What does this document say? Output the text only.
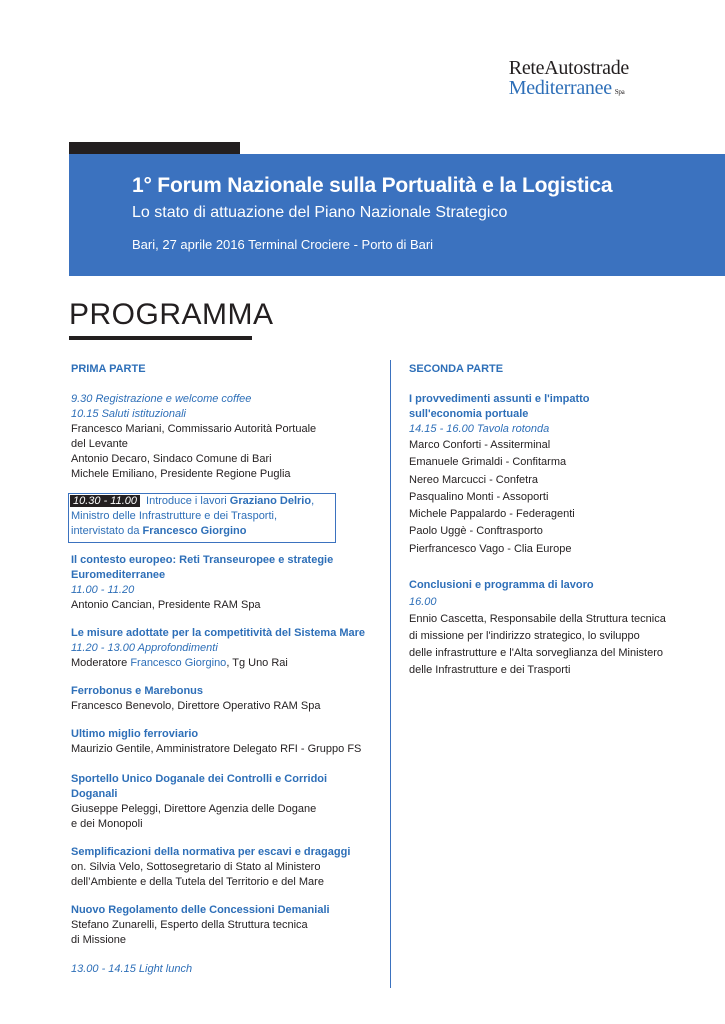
ReteAutostrade
Mediterranee Spa
1° Forum Nazionale sulla Portualità e la Logistica
Lo stato di attuazione del Piano Nazionale Strategico
Bari, 27 aprile 2016 Terminal Crociere - Porto di Bari
PROGRAMMA
PRIMA PARTE

9.30 Registrazione e welcome coffee

10.15 Saluti istituzionali

Francesco Mariani, Commissario Autorità Portuale

del Levante

Antonio Decaro, Sindaco Comune di Bari

Michele Emiliano, Presidente Regione Puglia

10.30 - 11.00 Introduce i lavori Graziano Delrio,

Ministro delle Infrastrutture e dei Trasporti,

intervistato da Francesco Giorgino

Il contesto europeo: Reti Transeuropee e strategie

Euromediterranee

11.00 - 11.20

Antonio Cancian, Presidente RAM Spa

Le misure adottate per la competitività del Sistema Mare

11.20 - 13.00 Approfondimenti

Moderatore Francesco Giorgino, Tg Uno Rai

Ferrobonus e Marebonus

Francesco Benevolo, Direttore Operativo RAM Spa

Ultimo miglio ferroviario

Maurizio Gentile, Amministratore Delegato RFI - Gruppo FS

Sportello Unico Doganale dei Controlli e Corridoi

Doganali

Giuseppe Peleggi, Direttore Agenzia delle Dogane

e dei Monopoli

Semplificazioni della normativa per escavi e dragaggi

on. Silvia Velo, Sottosegretario di Stato al Ministero

dell’Ambiente e della Tutela del Territorio e del Mare

Nuovo Regolamento delle Concessioni Demaniali

Stefano Zunarelli, Esperto della Struttura tecnica

di Missione

13.00 - 14.15 Light lunch
SECONDA PARTE

I provvedimenti assunti e l'impatto

sull'economia portuale

14.15 - 16.00 Tavola rotonda

Marco Conforti - Assiterminal

Emanuele Grimaldi - Confitarma

Nereo Marcucci - Confetra

Pasqualino Monti - Assoporti

Michele Pappalardo - Federagenti

Paolo Uggè - Conftrasporto

Pierfrancesco Vago - Clia Europe

Conclusioni e programma di lavoro

16.00

Ennio Cascetta, Responsabile della Struttura tecnica

di missione per l'indirizzo strategico, lo sviluppo

delle infrastrutture e l'Alta sorveglianza del Ministero

delle Infrastrutture e dei Trasporti
